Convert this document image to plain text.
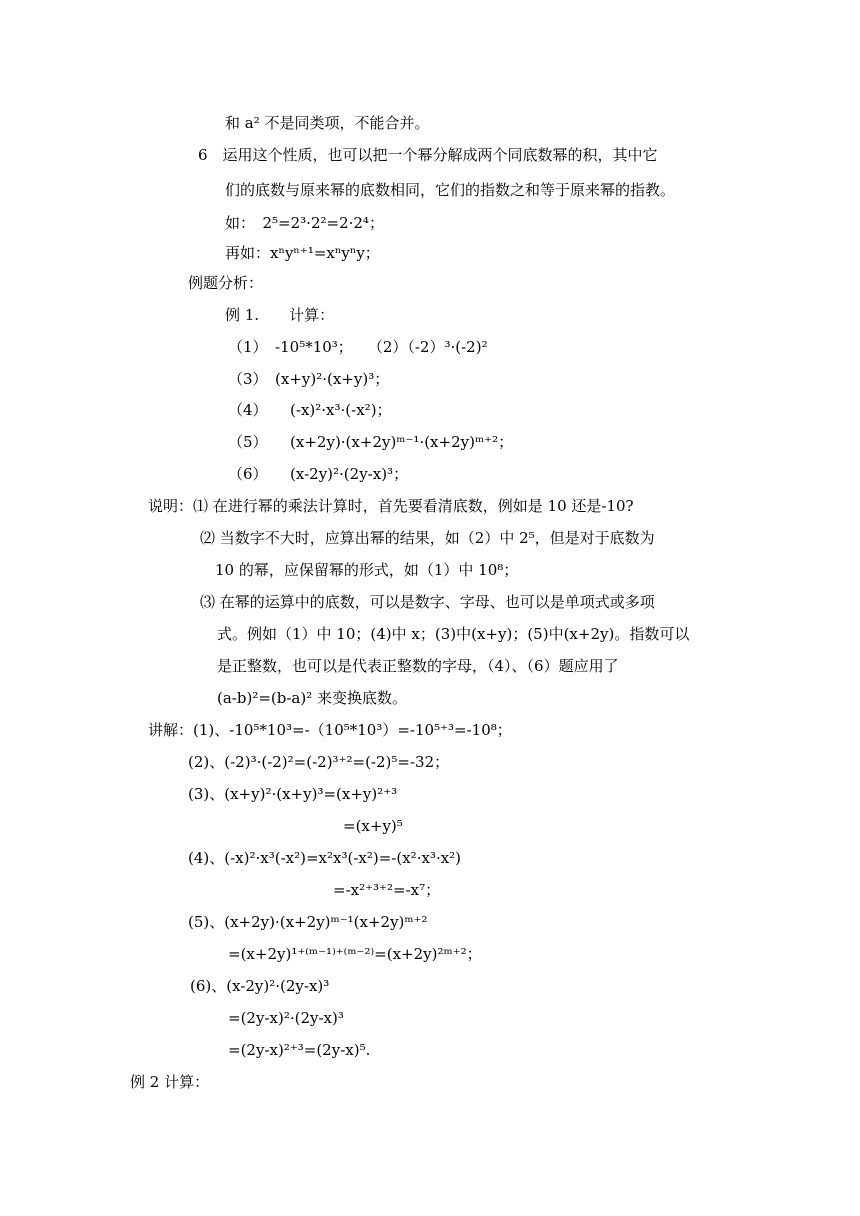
和 a² 不是同类项，不能合并。
6　运用这个性质，也可以把一个幂分解成两个同底数幂的积，其中它
们的底数与原来幂的底数相同，它们的指数之和等于原来幂的指教。
如：　2⁵=2³·2²=2·2⁴；
再如：xⁿyⁿ⁺¹=xⁿyⁿy；
例题分析：
例 1.　　计算：
（1）　-10⁵*10³；　　（2）（-2）³·(-2)²
（3）　(x+y)²·(x+y)³；
（4）　　(-x)²·x³·(-x²)；
（5）　　(x+2y)·(x+2y)ᵐ⁻¹·(x+2y)ᵐ⁺²；
（6）　　(x-2y)²·(2y-x)³；
说明：⑴ 在进行幂的乘法计算时，首先要看清底数，例如是 10 还是-10?
⑵ 当数字不大时，应算出幂的结果，如（2）中 2⁵，但是对于底数为
10 的幂，应保留幂的形式，如（1）中 10⁸；
⑶ 在幂的运算中的底数，可以是数字、字母、也可以是单项式或多项
式。例如（1）中 10；(4)中 x；(3)中(x+y)；(5)中(x+2y)。指数可以
是正整数，也可以是代表正整数的字母，（4）、（6）题应用了
(a-b)²=(b-a)² 来变换底数。
讲解：(1)、-10⁵*10³=-（10⁵*10³）=-10⁵⁺³=-10⁸；
(2)、(-2)³·(-2)²=(-2)³⁺²=(-2)⁵=-32；
(3)、(x+y)²·(x+y)³=(x+y)²⁺³
=(x+y)⁵
(4)、(-x)²·x³(-x²)=x²x³(-x²)=-(x²·x³·x²)
=-x²⁺³⁺²=-x⁷；
(5)、(x+2y)·(x+2y)ᵐ⁻¹(x+2y)ᵐ⁺²
=(x+2y)¹⁺⁽ᵐ⁻¹⁾⁺⁽ᵐ⁻²⁾=(x+2y)²ᵐ⁺²；
(6)、(x-2y)²·(2y-x)³
=(2y-x)²·(2y-x)³
=(2y-x)²⁺³=(2y-x)⁵.
例 2 计算：
